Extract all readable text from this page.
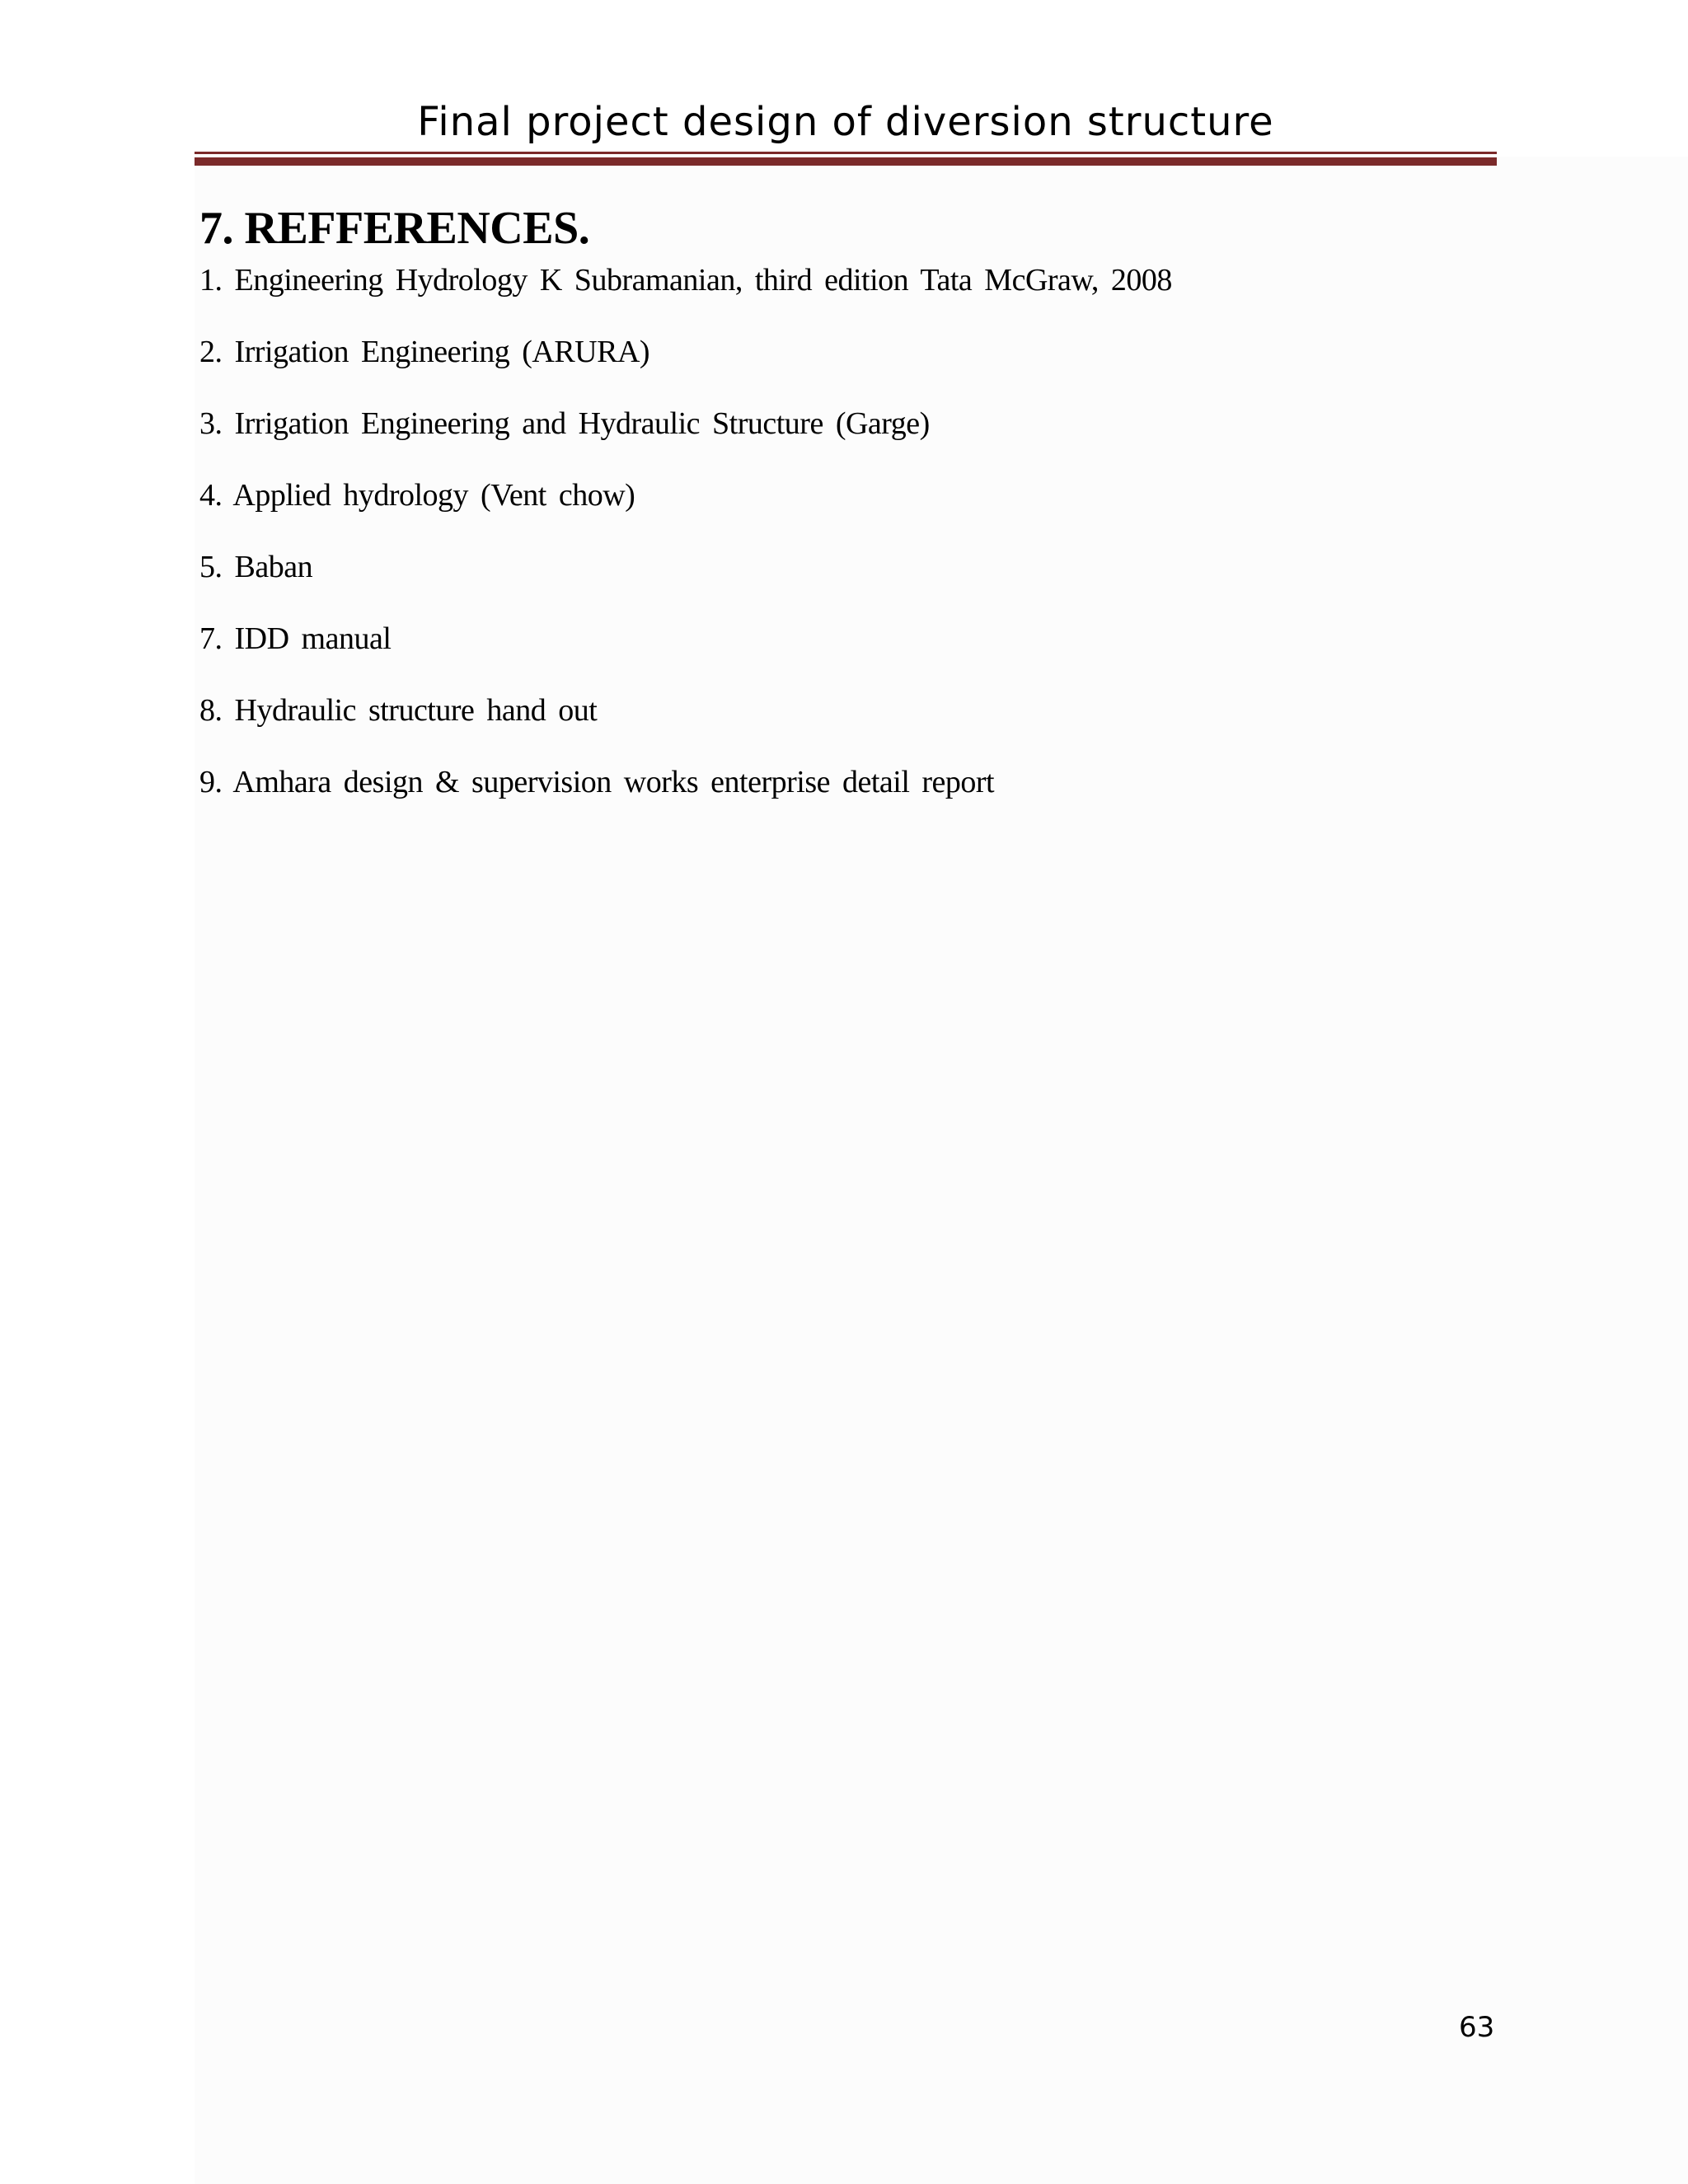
Final project design of diversion structure
7. REFFERENCES.
1. Engineering Hydrology K Subramanian, third edition Tata McGraw, 2008
2. Irrigation Engineering (ARURA)
3. Irrigation Engineering and Hydraulic Structure (Garge)
4. Applied hydrology (Vent chow)
5. Baban
7. IDD manual
8. Hydraulic structure hand out
9. Amhara design & supervision works enterprise detail report
63
